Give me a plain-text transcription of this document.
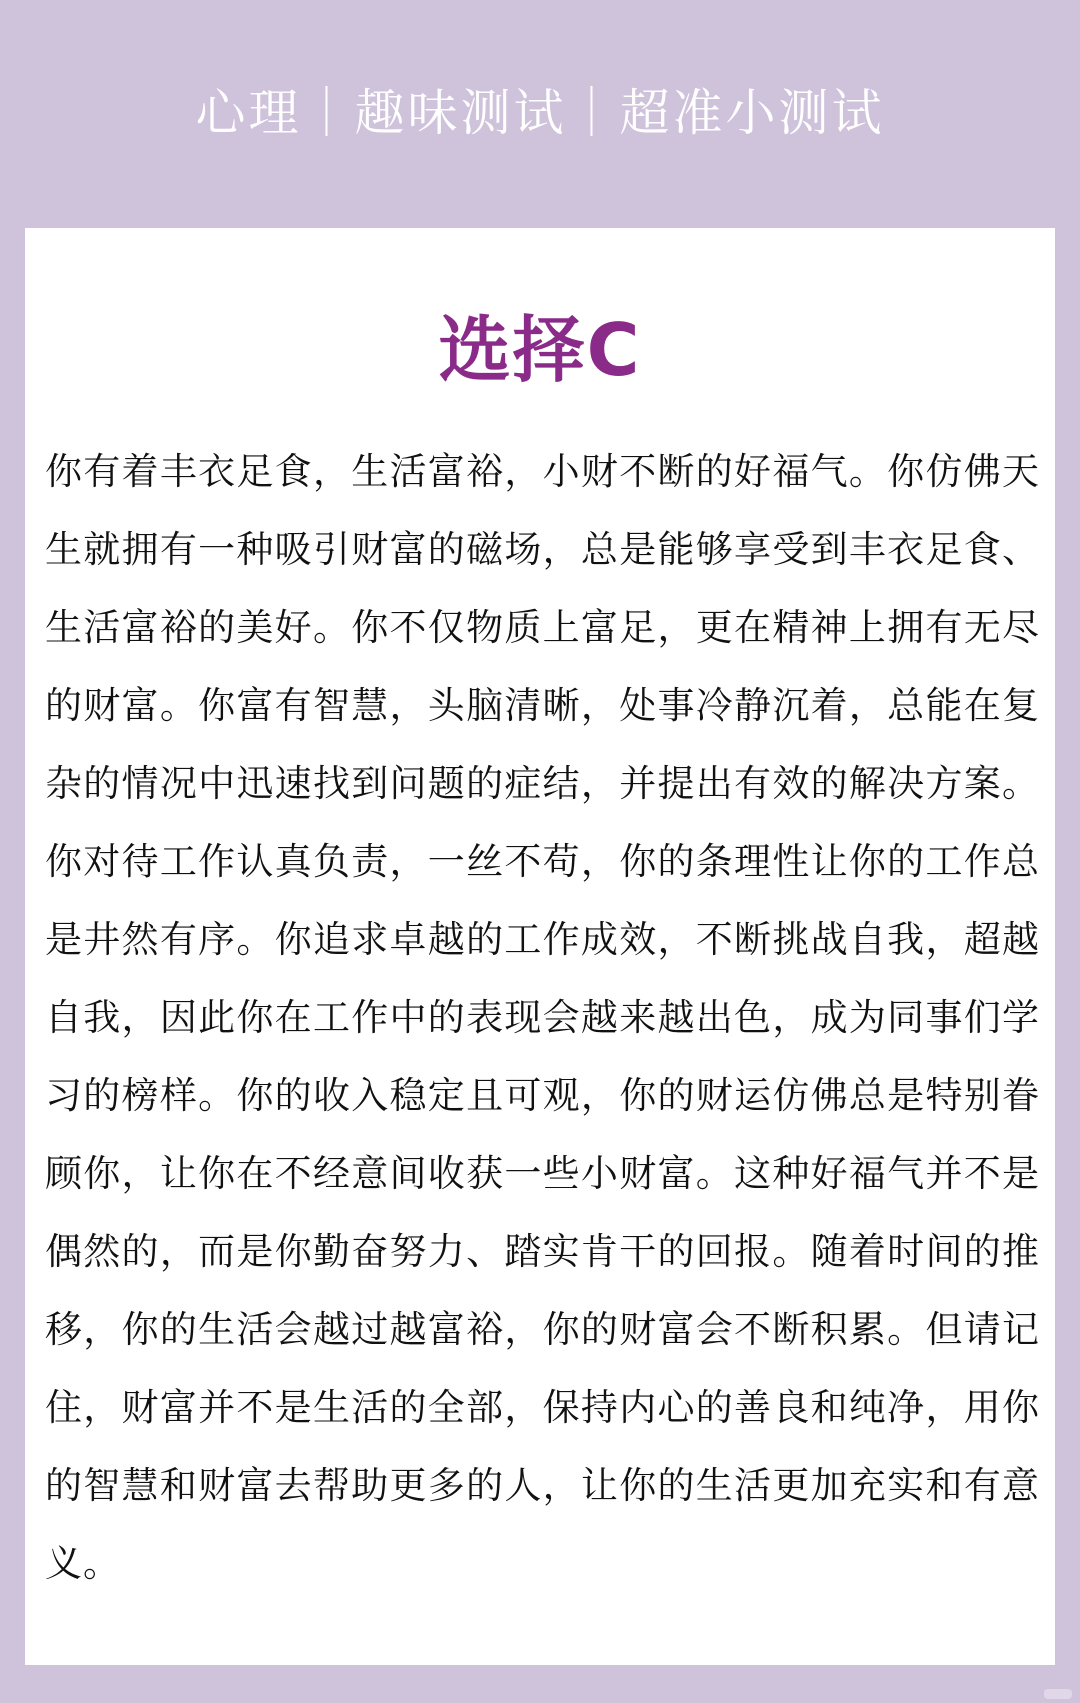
心理｜趣味测试｜超准小测试
选择C

你有着丰衣足食，生活富裕，小财不断的好福气。你仿佛天生就拥有一种吸引财富的磁场，总是能够享受到丰衣足食、生活富裕的美好。你不仅物质上富足，更在精神上拥有无尽的财富。你富有智慧，头脑清晰，处事冷静沉着，总能在复杂的情况中迅速找到问题的症结，并提出有效的解决方案。你对待工作认真负责，一丝不苟，你的条理性让你的工作总是井然有序。你追求卓越的工作成效，不断挑战自我，超越自我，因此你在工作中的表现会越来越出色，成为同事们学习的榜样。你的收入稳定且可观，你的财运仿佛总是特别眷顾你，让你在不经意间收获一些小财富。这种好福气并不是偶然的，而是你勤奋努力、踏实肯干的回报。随着时间的推移，你的生活会越过越富裕，你的财富会不断积累。但请记住，财富并不是生活的全部，保持内心的善良和纯净，用你的智慧和财富去帮助更多的人，让你的生活更加充实和有意义。
